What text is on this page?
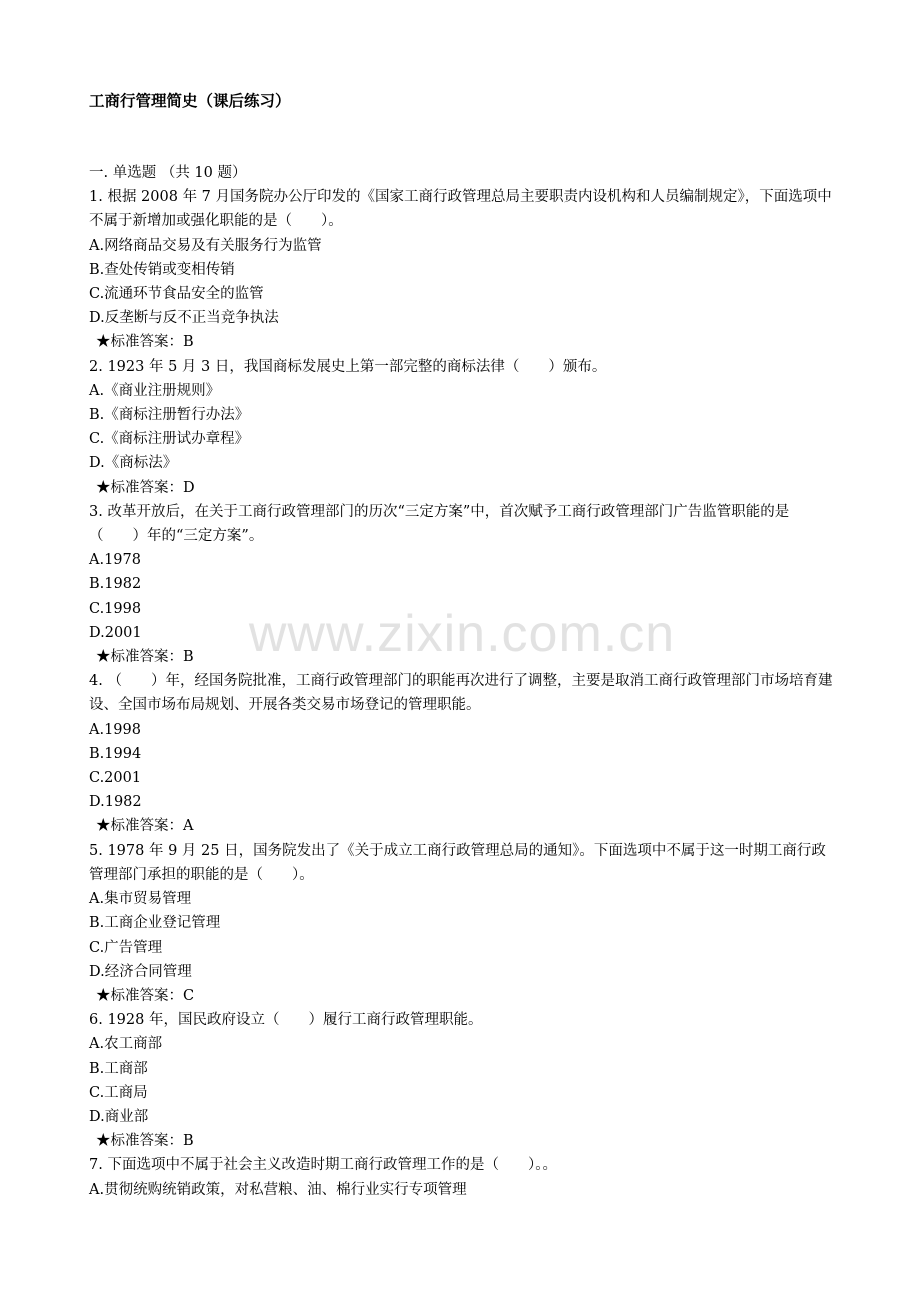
工商行管理简史（课后练习）
一. 单选题 （共 10 题）
1. 根据 2008 年 7 月国务院办公厅印发的《国家工商行政管理总局主要职责内设机构和人员编制规定》，下面选项中不属于新增加或强化职能的是（　　）。
A.网络商品交易及有关服务行为监管
B.查处传销或变相传销
C.流通环节食品安全的监管
D.反垄断与反不正当竞争执法
★标准答案：B
2. 1923 年 5 月 3 日，我国商标发展史上第一部完整的商标法律（　　）颁布。
A.《商业注册规则》
B.《商标注册暂行办法》
C.《商标注册试办章程》
D.《商标法》
★标准答案：D
3. 改革开放后，在关于工商行政管理部门的历次“三定方案”中，首次赋予工商行政管理部门广告监管职能的是（　　）年的“三定方案”。
A.1978
B.1982
C.1998
D.2001
★标准答案：B
4. （　　）年，经国务院批准，工商行政管理部门的职能再次进行了调整，主要是取消工商行政管理部门市场培育建设、全国市场布局规划、开展各类交易市场登记的管理职能。
A.1998
B.1994
C.2001
D.1982
★标准答案：A
5. 1978 年 9 月 25 日，国务院发出了《关于成立工商行政管理总局的通知》。下面选项中不属于这一时期工商行政管理部门承担的职能的是（　　）。
A.集市贸易管理
B.工商企业登记管理
C.广告管理
D.经济合同管理
★标准答案：C
6. 1928 年，国民政府设立（　　）履行工商行政管理职能。
A.农工商部
B.工商部
C.工商局
D.商业部
★标准答案：B
7. 下面选项中不属于社会主义改造时期工商行政管理工作的是（　　）。。
A.贯彻统购统销政策，对私营粮、油、棉行业实行专项管理
www.zixin.com.cn
